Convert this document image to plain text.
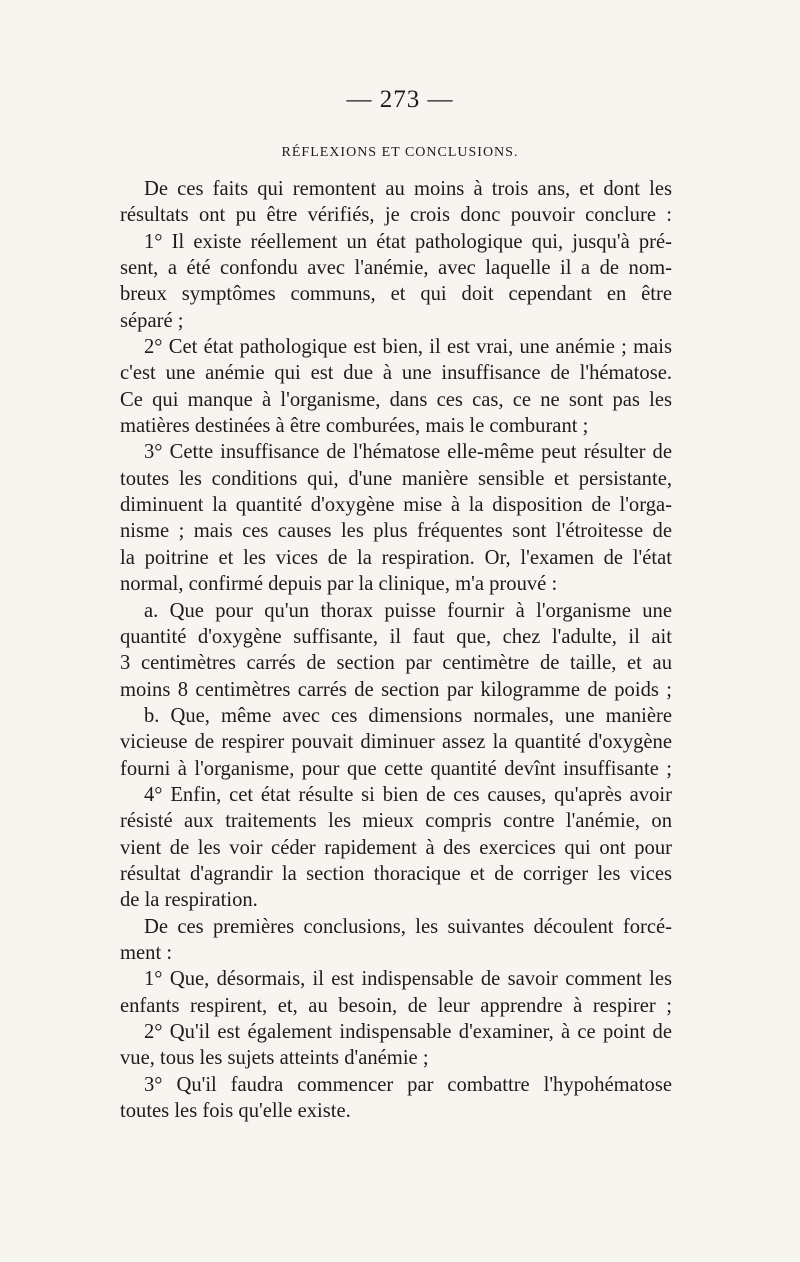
— 273 —
RÉFLEXIONS ET CONCLUSIONS.
De ces faits qui remontent au moins à trois ans, et dont les
résultats ont pu être vérifiés, je crois donc pouvoir conclure :
1° Il existe réellement un état pathologique qui, jusqu'à pré-
sent, a été confondu avec l'anémie, avec laquelle il a de nom-
breux symptômes communs, et qui doit cependant en être
séparé ;
2° Cet état pathologique est bien, il est vrai, une anémie ; mais
c'est une anémie qui est due à une insuffisance de l'hématose.
Ce qui manque à l'organisme, dans ces cas, ce ne sont pas les
matières destinées à être comburées, mais le comburant ;
3° Cette insuffisance de l'hématose elle-même peut résulter de
toutes les conditions qui, d'une manière sensible et persistante,
diminuent la quantité d'oxygène mise à la disposition de l'orga-
nisme ; mais ces causes les plus fréquentes sont l'étroitesse de
la poitrine et les vices de la respiration. Or, l'examen de l'état
normal, confirmé depuis par la clinique, m'a prouvé :
a. Que pour qu'un thorax puisse fournir à l'organisme une
quantité d'oxygène suffisante, il faut que, chez l'adulte, il ait
3 centimètres carrés de section par centimètre de taille, et au
moins 8 centimètres carrés de section par kilogramme de poids ;
b. Que, même avec ces dimensions normales, une manière
vicieuse de respirer pouvait diminuer assez la quantité d'oxygène
fourni à l'organisme, pour que cette quantité devînt insuffisante ;
4° Enfin, cet état résulte si bien de ces causes, qu'après avoir
résisté aux traitements les mieux compris contre l'anémie, on
vient de les voir céder rapidement à des exercices qui ont pour
résultat d'agrandir la section thoracique et de corriger les vices
de la respiration.
De ces premières conclusions, les suivantes découlent forcé-
ment :
1° Que, désormais, il est indispensable de savoir comment les
enfants respirent, et, au besoin, de leur apprendre à respirer ;
2° Qu'il est également indispensable d'examiner, à ce point de
vue, tous les sujets atteints d'anémie ;
3° Qu'il faudra commencer par combattre l'hypohématose
toutes les fois qu'elle existe.
